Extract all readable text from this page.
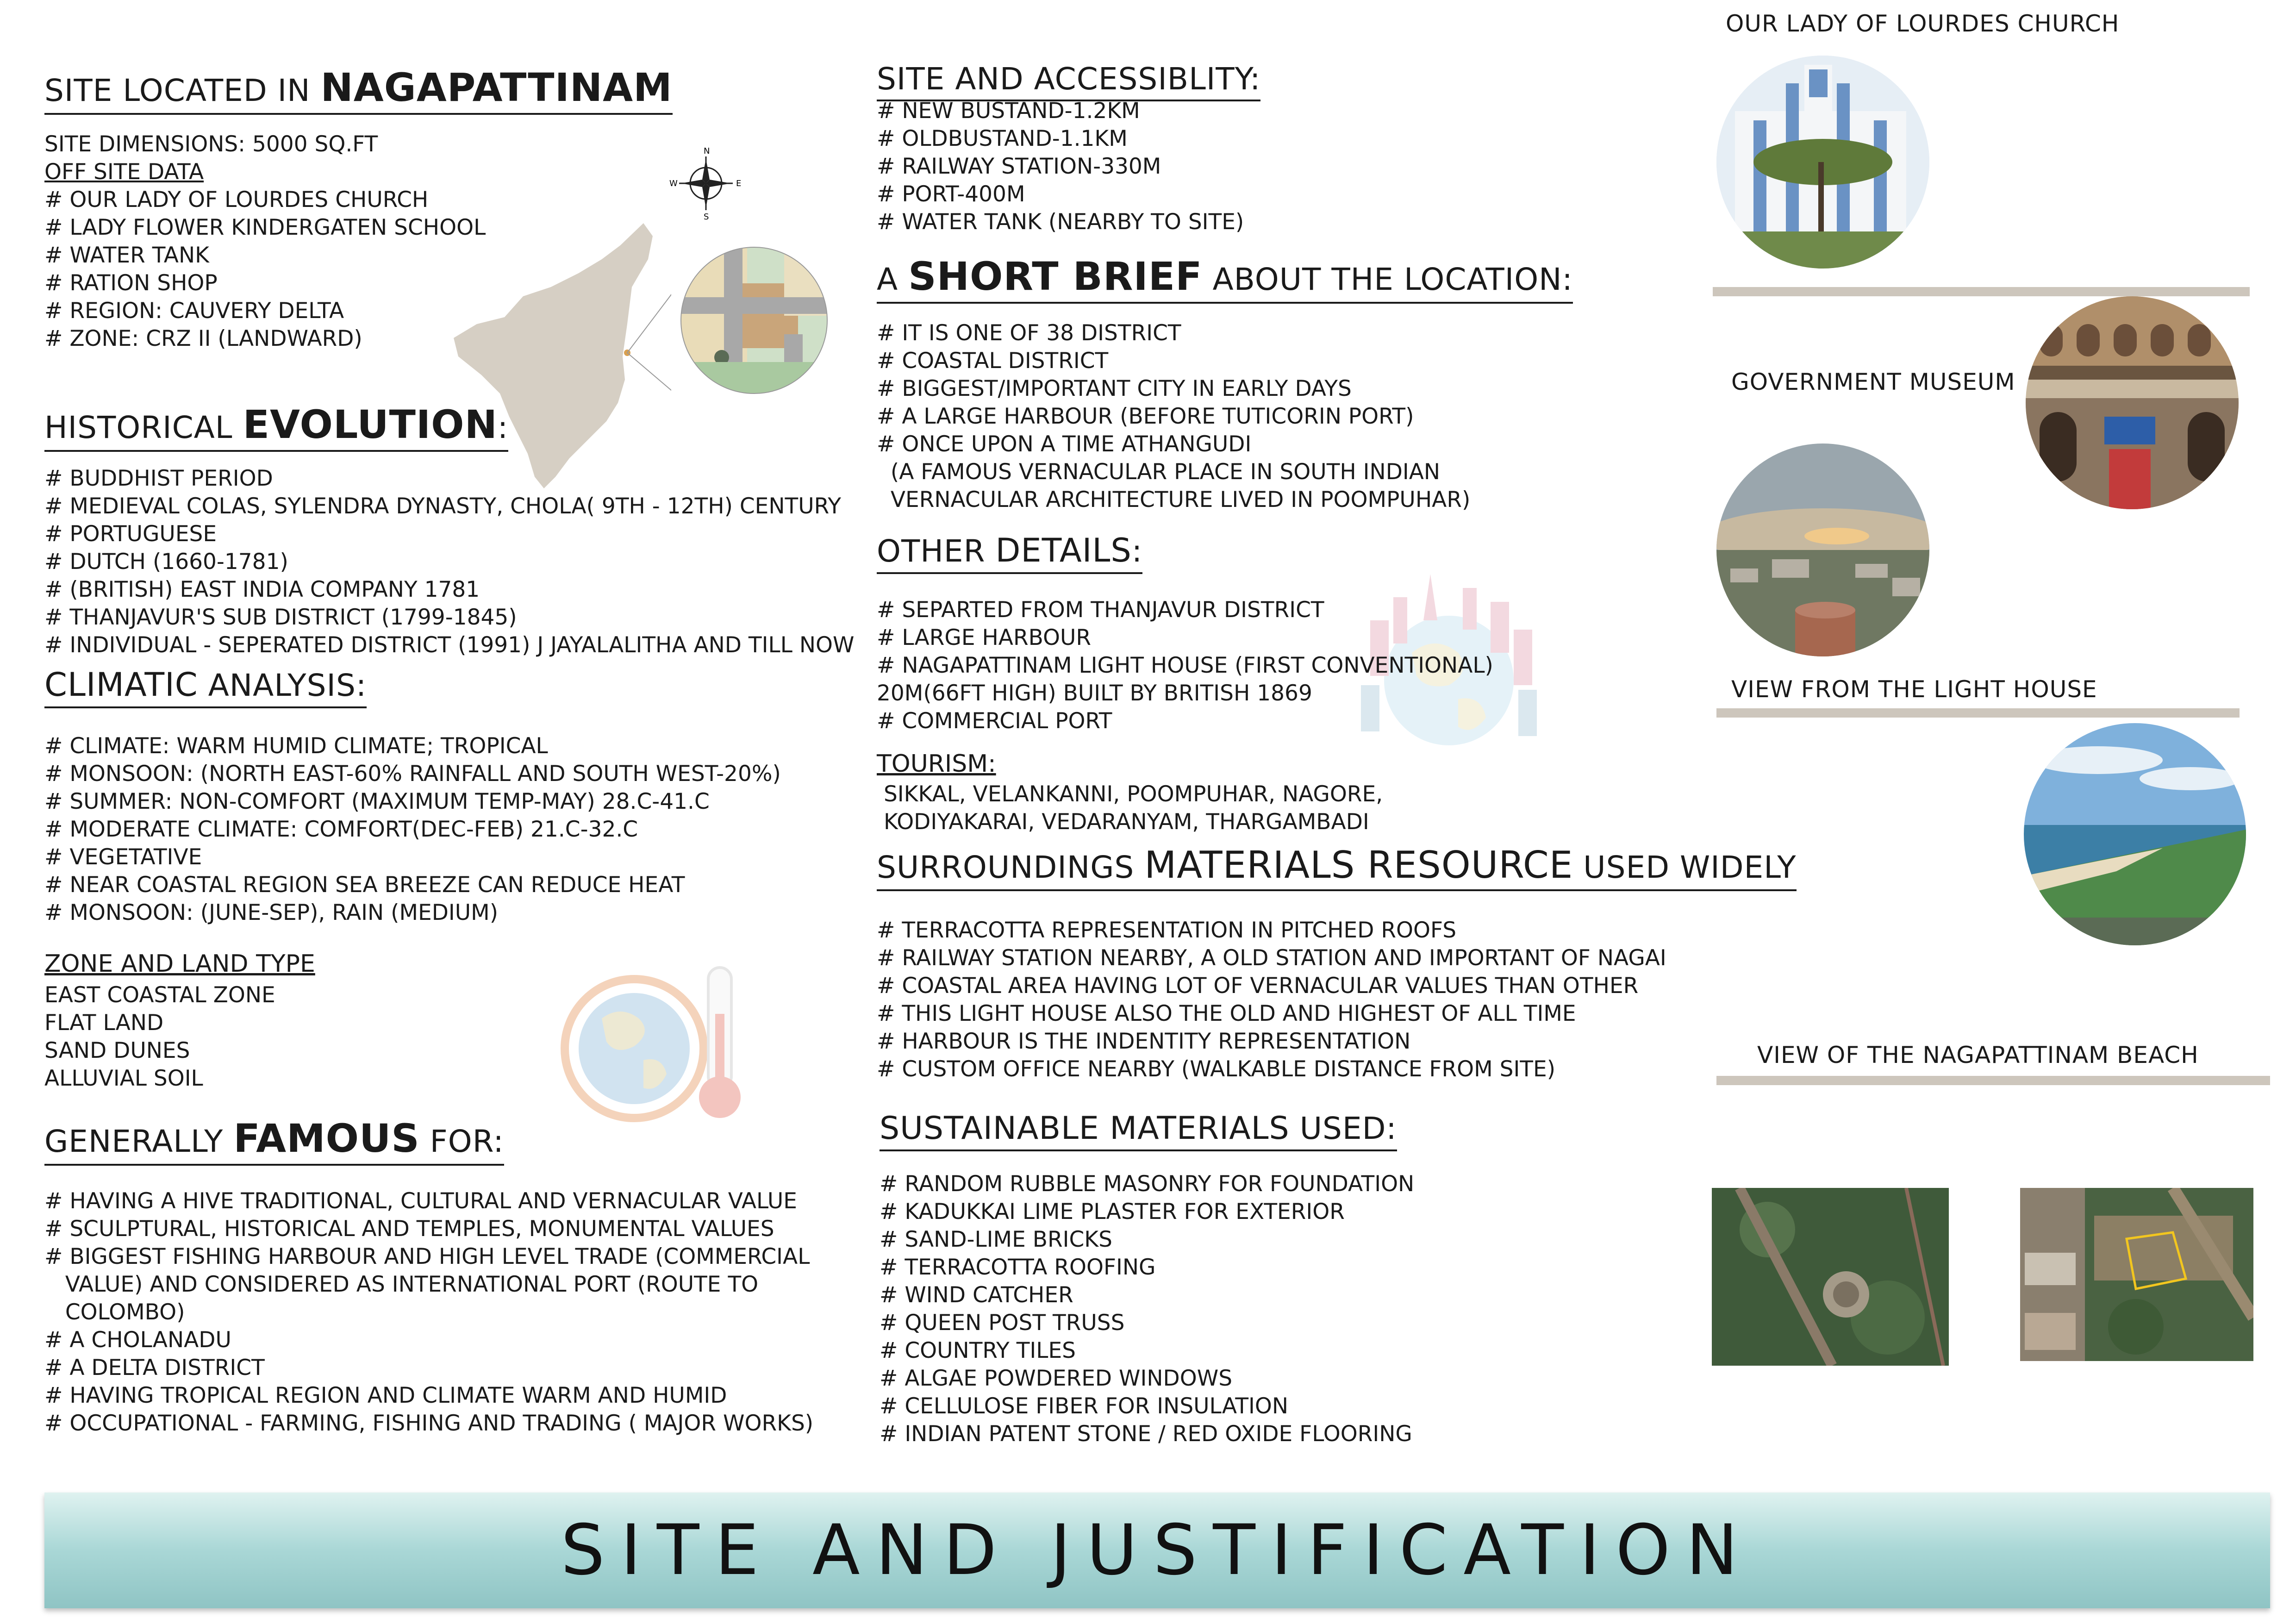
SITE LOCATED IN NAGAPATTINAM
SITE DIMENSIONS: 5000 SQ.FT
OFF SITE DATA
# OUR LADY OF LOURDES CHURCH
# LADY FLOWER KINDERGATEN SCHOOL
# WATER TANK
# RATION SHOP
# REGION: CAUVERY DELTA
# ZONE: CRZ II (LANDWARD)
N
S
E
W
HISTORICAL EVOLUTION:
# BUDDHIST PERIOD
# MEDIEVAL COLAS, SYLENDRA DYNASTY, CHOLA( 9TH - 12TH) CENTURY
# PORTUGUESE
# DUTCH (1660-1781)
# (BRITISH) EAST INDIA COMPANY 1781
# THANJAVUR'S SUB DISTRICT (1799-1845)
# INDIVIDUAL - SEPERATED DISTRICT (1991) J JAYALALITHA AND TILL NOW
CLIMATIC ANALYSIS:
# CLIMATE: WARM HUMID CLIMATE; TROPICAL
# MONSOON: (NORTH EAST-60% RAINFALL AND SOUTH WEST-20%)
# SUMMER: NON-COMFORT (MAXIMUM TEMP-MAY) 28.C-41.C
# MODERATE CLIMATE: COMFORT(DEC-FEB) 21.C-32.C
# VEGETATIVE
# NEAR COASTAL REGION SEA BREEZE CAN REDUCE HEAT
# MONSOON: (JUNE-SEP), RAIN (MEDIUM)
ZONE AND LAND TYPE
EAST COASTAL ZONE
FLAT LAND
SAND DUNES
ALLUVIAL SOIL
GENERALLY FAMOUS FOR:
# HAVING A HIVE TRADITIONAL, CULTURAL AND VERNACULAR VALUE
# SCULPTURAL, HISTORICAL AND TEMPLES, MONUMENTAL VALUES
# BIGGEST FISHING HARBOUR AND HIGH LEVEL TRADE (COMMERCIAL
VALUE) AND CONSIDERED AS INTERNATIONAL PORT (ROUTE TO
COLOMBO)
# A CHOLANADU
# A DELTA DISTRICT
# HAVING TROPICAL REGION AND CLIMATE WARM AND HUMID
# OCCUPATIONAL - FARMING, FISHING AND TRADING ( MAJOR WORKS)
SITE AND ACCESSIBLITY:
# NEW BUSTAND-1.2KM
# OLDBUSTAND-1.1KM
# RAILWAY STATION-330M
# PORT-400M
# WATER TANK (NEARBY TO SITE)
A SHORT BRIEF ABOUT THE LOCATION:
# IT IS ONE OF 38 DISTRICT
# COASTAL DISTRICT
# BIGGEST/IMPORTANT CITY IN EARLY DAYS
# A LARGE HARBOUR (BEFORE TUTICORIN PORT)
# ONCE UPON A TIME ATHANGUDI
(A FAMOUS VERNACULAR PLACE IN SOUTH INDIAN
VERNACULAR ARCHITECTURE LIVED IN POOMPUHAR)
OTHER DETAILS:
# SEPARTED FROM THANJAVUR DISTRICT
# LARGE HARBOUR
# NAGAPATTINAM LIGHT HOUSE (FIRST CONVENTIONAL)
20M(66FT HIGH) BUILT BY BRITISH 1869
# COMMERCIAL PORT
TOURISM:
SIKKAL, VELANKANNI, POOMPUHAR, NAGORE,
KODIYAKARAI, VEDARANYAM, THARGAMBADI
SURROUNDINGS MATERIALS RESOURCE USED WIDELY
# TERRACOTTA REPRESENTATION IN PITCHED ROOFS
# RAILWAY STATION NEARBY, A OLD STATION AND IMPORTANT OF NAGAI
# COASTAL AREA HAVING LOT OF VERNACULAR VALUES THAN OTHER
# THIS LIGHT HOUSE ALSO THE OLD AND HIGHEST OF ALL TIME
# HARBOUR IS THE INDENTITY REPRESENTATION
# CUSTOM OFFICE NEARBY (WALKABLE DISTANCE FROM SITE)
SUSTAINABLE MATERIALS USED:
# RANDOM RUBBLE MASONRY FOR FOUNDATION
# KADUKKAI LIME PLASTER FOR EXTERIOR
# SAND-LIME BRICKS
# TERRACOTTA ROOFING
# WIND CATCHER
# QUEEN POST TRUSS
# COUNTRY TILES
# ALGAE POWDERED WINDOWS
# CELLULOSE FIBER FOR INSULATION
# INDIAN PATENT STONE / RED OXIDE FLOORING
OUR LADY OF LOURDES CHURCH
GOVERNMENT MUSEUM
VIEW FROM THE LIGHT HOUSE
VIEW OF THE NAGAPATTINAM BEACH
SITE AND JUSTIFICATION
